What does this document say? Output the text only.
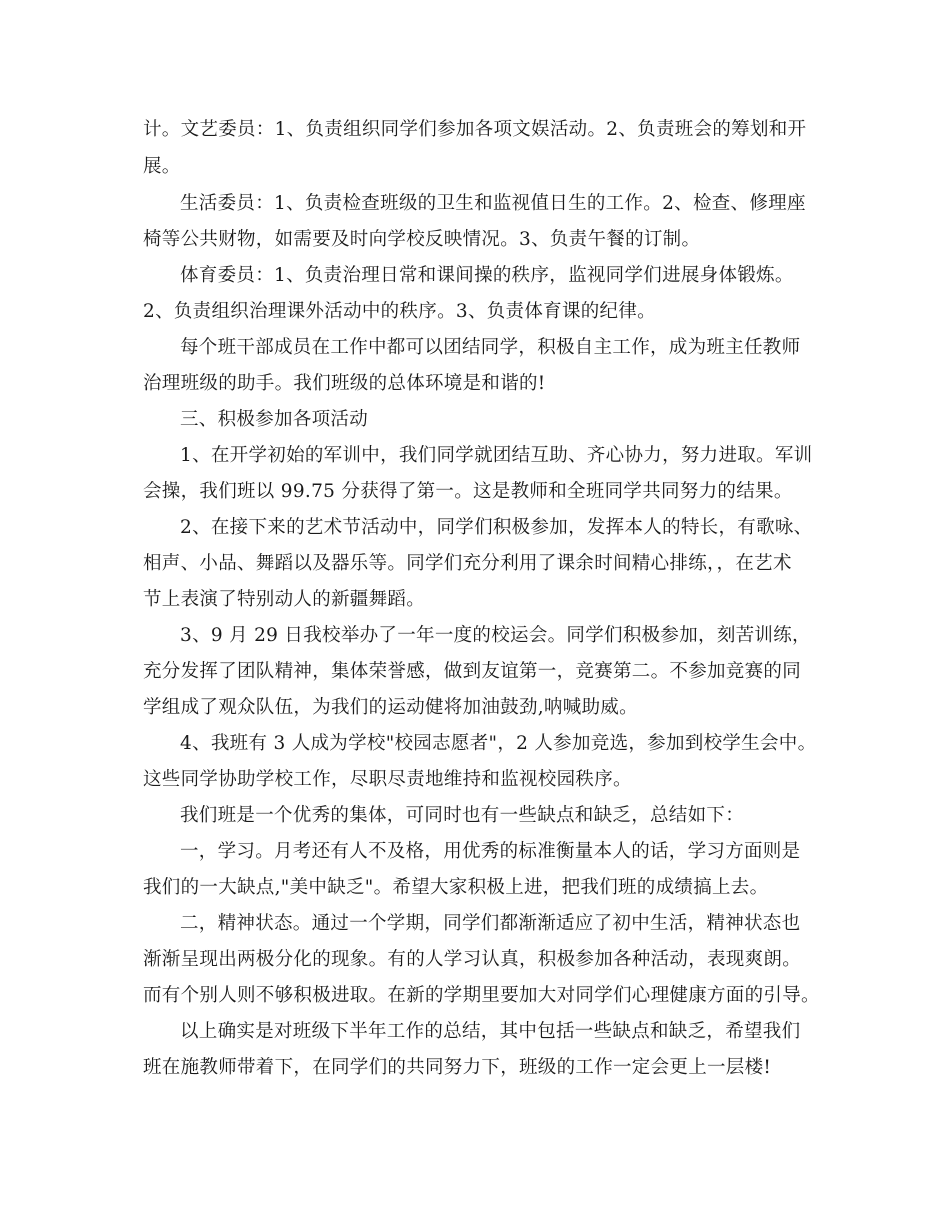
计。文艺委员：1、负责组织同学们参加各项文娱活动。2、负责班会的筹划和开
展。
生活委员：1、负责检查班级的卫生和监视值日生的工作。2、检查、修理座
椅等公共财物，如需要及时向学校反映情况。3、负责午餐的订制。
体育委员：1、负责治理日常和课间操的秩序，监视同学们进展身体锻炼。
2、负责组织治理课外活动中的秩序。3、负责体育课的纪律。
每个班干部成员在工作中都可以团结同学，积极自主工作，成为班主任教师
治理班级的助手。我们班级的总体环境是和谐的!
三、积极参加各项活动
1、在开学初始的军训中，我们同学就团结互助、齐心协力，努力进取。军训
会操，我们班以 99.75 分获得了第一。这是教师和全班同学共同努力的结果。
2、在接下来的艺术节活动中，同学们积极参加，发挥本人的特长，有歌咏、
相声、小品、舞蹈以及器乐等。同学们充分利用了课余时间精心排练，，在艺术
节上表演了特别动人的新疆舞蹈。
3、9 月 29 日我校举办了一年一度的校运会。同学们积极参加，刻苦训练，
充分发挥了团队精神，集体荣誉感，做到友谊第一，竞赛第二。不参加竞赛的同
学组成了观众队伍，为我们的运动健将加油鼓劲,呐喊助威。
4、我班有 3 人成为学校"校园志愿者"，2 人参加竞选，参加到校学生会中。
这些同学协助学校工作，尽职尽责地维持和监视校园秩序。
我们班是一个优秀的集体，可同时也有一些缺点和缺乏，总结如下：
一，学习。月考还有人不及格，用优秀的标准衡量本人的话，学习方面则是
我们的一大缺点,"美中缺乏"。希望大家积极上进，把我们班的成绩搞上去。
二，精神状态。通过一个学期，同学们都渐渐适应了初中生活，精神状态也
渐渐呈现出两极分化的现象。有的人学习认真，积极参加各种活动，表现爽朗。
而有个别人则不够积极进取。在新的学期里要加大对同学们心理健康方面的引导。
以上确实是对班级下半年工作的总结，其中包括一些缺点和缺乏，希望我们
班在施教师带着下，在同学们的共同努力下，班级的工作一定会更上一层楼!
